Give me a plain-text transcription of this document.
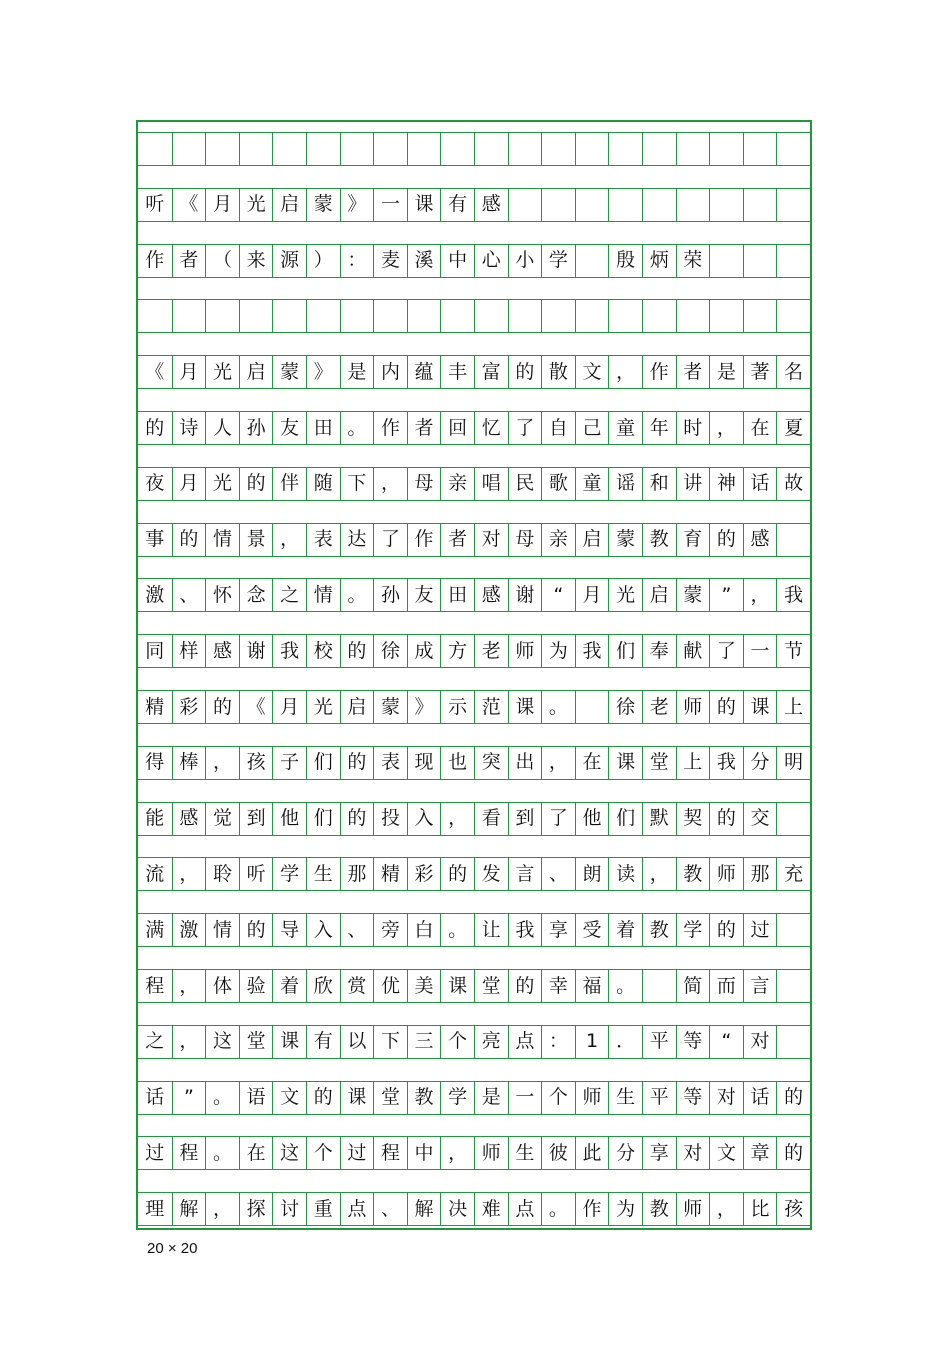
听 《 月 光 启 蒙 》 一 课 有 感
作 者 （ 来 源 ） ： 麦 溪 中 心 小 学	殷 炳 荣
《 月 光 启 蒙 》 是 内 蕴 丰 富 的 散 文 ， 作 者 是 著 名
的 诗 人 孙 友 田 。 作 者 回 忆 了 自 己 童 年 时 ， 在 夏
夜 月 光 的 伴 随 下 ， 母 亲 唱 民 歌 童 谣 和 讲 神 话 故
事 的 情 景 ， 表 达 了 作 者 对 母 亲 启 蒙 教 育 的 感
激 、 怀 念 之 情 。 孙 友 田 感 谢	“	月 光 启 蒙	”	， 我
同 样 感 谢 我 校 的 徐 成 方 老 师 为 我 们 奉 献 了 一 节
精 彩 的 《 月 光 启 蒙 》 示 范 课 。	徐 老 师 的 课 上
得 棒 ， 孩 子 们 的 表 现 也 突 出 ， 在 课 堂 上 我 分 明
能 感 觉 到 他 们 的 投 入 ， 看 到 了 他 们 默 契 的 交
流 ， 聆 听 学 生 那 精 彩 的 发 言 、 朗 读 ， 教 师 那 充
满 激 情 的 导 入 、 旁 白 。 让 我 享 受 着 教 学 的 过
程 ， 体 验 着 欣 赏 优 美 课 堂 的 幸 福 。	简 而 言
之 ， 这 堂 课 有 以 下 三 个 亮 点 ： 1 ． 平 等	“	对
话	”	。 语 文 的 课 堂 教 学 是 一 个 师 生 平 等 对 话 的
过 程 。 在 这 个 过 程 中 ， 师 生 彼 此 分 享 对 文 章 的
理 解 ， 探 讨 重 点 、 解 决 难 点 。 作 为 教 师 ， 比 孩
20 × 20
